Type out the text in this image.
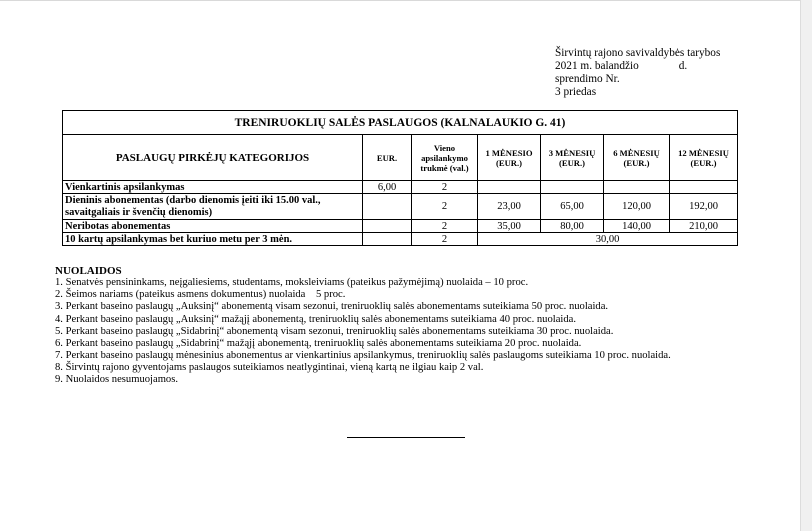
Širvintų rajono savivaldybės tarybos
2021 m. balandžio	d.
sprendimo Nr.
3 priedas
TRENIRUOKLIŲ SALĖS PASLAUGOS (KALNALAUKIO G. 41)						
PASLAUGŲ PIRKĖJŲ KATEGORIJOS	EUR.	Vieno apsilankymo trukmė (val.)	1 MĖNESIO (EUR.)	3 MĖNESIŲ (EUR.)	6 MĖNESIŲ (EUR.)	12 MĖNESIŲ (EUR.)
Vienkartinis apsilankymas	6,00	2				
Dieninis abonementas (darbo dienomis įeiti iki 15.00 val., savaitgaliais ir švenčių dienomis)		2	23,00	65,00	120,00	192,00
Neribotas abonementas		2	35,00	80,00	140,00	210,00
10 kartų apsilankymas bet kuriuo metu per 3 mėn.		2	30,00			
NUOLAIDOS
1. Senatvės pensininkams, neįgaliesiems, studentams, moksleiviams (pateikus pažymėjimą) nuolaida – 10 proc.
2. Šeimos nariams (pateikus asmens dokumentus) nuolaida    5 proc.
3. Perkant baseino paslaugų „Auksinį“ abonementą visam sezonui, treniruoklių salės abonementams suteikiama 50 proc. nuolaida.
4. Perkant baseino paslaugų „Auksinį“ mažąjį abonementą, treniruoklių salės abonementams suteikiama 40 proc. nuolaida.
5. Perkant baseino paslaugų „Sidabrinį“ abonementą visam sezonui, treniruoklių salės abonementams suteikiama 30 proc. nuolaida.
6. Perkant baseino paslaugų „Sidabrinį“ mažąjį abonementą, treniruoklių salės abonementams suteikiama 20 proc. nuolaida.
7. Perkant baseino paslaugų mėnesinius abonementus ar vienkartinius apsilankymus, treniruoklių salės paslaugoms suteikiama 10 proc. nuolaida.
8. Širvintų rajono gyventojams paslaugos suteikiamos neatlygintinai, vieną kartą ne ilgiau kaip 2 val.
9. Nuolaidos nesumuojamos.
